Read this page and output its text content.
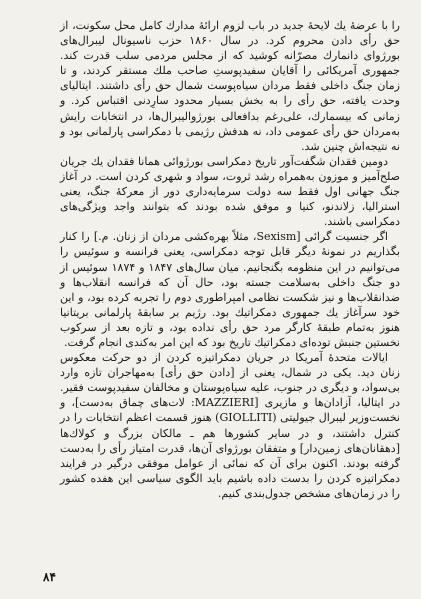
را با عرضهٔ یك لایحهٔ جدید در باب لزوم ارائهٔ مدارك كامل محل سكونت، از حق رأی دادن محروم كرد. در سال ۱۸۶۰ حزب ناسیونال لیبرال‌های بورژوای دانمارك مصرّانه كوشید كه از مجلس مردمی سلب قدرت كند. جمهوری آمریكائی را آقایان سفیدپوستِ صاحب ملك مستقر كردند، و تا زمان جنگ داخلی فقط مردان سیاه‌پوست شمال حق رأی داشتند. ایتالیای وحدت یافته، حق رأی را به بخش بسیار محدود سارِدنی اقتباس كرد. و زمانی كه بیسمارك، علی‌رغم بدافعالی بورژوالیبرال‌ها، در انتخابات رایش به‌مردان حق رأی عمومی داد، نه هدفش رژیمی با دمكراسی پارلمانی بود و نه نتیجه‌اش چنین شد.

دومین فقدان شگفت‌آور تاریخ دمكراسی بورژوائی همانا فقدان یك جریان صلح‌آمیز و موزون به‌همراه رشد ثروت، سواد و شهری كردن است. در آغاز جنگ جهانی اول فقط سه دولت سرمایه‌داری دور از معركهٔ جنگ، یعنی استرالیا، زلاندنو، كنیا و موفق شده بودند كه بتوانند واجد ویژگی‌های دمكراسی باشند.

اگر جنسیت گرائی [Sexism، مثلاً بهره‌كشی مردان از زنان. م.] را كنار بگذاریم در نمونهٔ دیگر قابل توجه دمكراسی، یعنی فرانسه و سوئیس را می‌توانیم در این منظومه بگنجانیم. میان سال‌های ۱۸۴۷ و ۱۸۷۴ سوئیس از دو جنگ داخلی به‌سلامت جسته بود، حال آن كه فرانسه انقلاب‌ها و ضدانقلاب‌ها و نیز شكست نظامی امپراطوری دوم را تجربه كرده بود، و این خود سرآغاز یك جمهوری دمكراتیك بود. رژیم بر سابقهٔ پارلمانی بریتانیا هنوز به‌تمام طبقهٔ كارگر مرد حق رأی نداده بود، و تازه بعد از سركوب نخستین جنبش توده‌ای دمكراتیك تاریخ بود كه این امر به‌كندی انجام گرفت.

ایالات متحدهٔ آمریكا در جریان دمكراتیزه كردن از دو حركت معكوس زنان دید. یكی در شمال، یعنی از [دادن حق رأی] به‌مهاجران تازه وارد بی‌سواد، و دیگری در جنوب، علیه سیاه‌پوستان و مخالفان سفیدپوست فقیر. در ایتالیا، آزادان‌ها و مازیری [MAZZIERI: لات‌های چماق به‌دست]، و نخست‌وزیر لیبرال جیولیتی (GIOLLITI) هنوز قسمت اعظم انتخابات را در كنترل داشتند، و در سایر كشورها هم ـ مالكان بزرگ و كولاك‌ها [دهقانان‌های زمین‌دار] و متفقان بورژوای آن‌ها، قدرت امتیاز رأی را به‌دست گرفته بودند. اكنون برای آن كه نمائی از عوامل موفقی درگیر در فرایند دمكراتیزه كردن را بدست داده باشیم باید الگوی سیاسی این هفده كشور را در زمان‌های مشخص جدول‌بندی كنیم.

۸۴
